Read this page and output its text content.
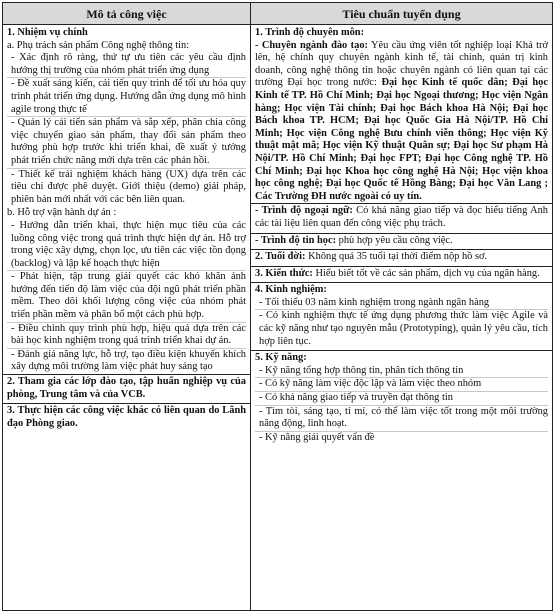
Mô tả công việc	Tiêu chuẩn tuyển dụng

1. Nhiệm vụ chính

a. Phụ trách sản phẩm Công nghệ thông tin:

- Xác định rõ ràng, thứ tự ưu tiên các yêu cầu định hướng thị trường của nhóm phát triển ứng dụng

- Đề xuất sáng kiến, cải tiến quy trình để tối ưu hóa quy trình phát triển ứng dụng. Hướng dẫn ứng dụng mô hình agile trong thực tế

- Quản lý cải tiến sản phẩm và sắp xếp, phân chia công việc chuyển giao sản phẩm, thay đổi sản phẩm theo hướng phù hợp trước khi triển khai, đề xuất ý tưởng phát triển chức năng mới dựa trên các phản hồi.

- Thiết kế trải nghiệm khách hàng (UX) dựa trên các tiêu chí được phê duyệt. Giới thiệu (demo) giải pháp, phiên bản mới nhất với các bên liên quan.

b. Hỗ trợ vận hành dự án :

- Hướng dẫn triển khai, thực hiện mục tiêu của các luồng công việc trong quá trình thực hiện dự án. Hỗ trợ trong việc xây dựng, chọn lọc, ưu tiên các việc tồn đọng (backlog) và lập kế hoạch thực hiện

- Phát hiện, tập trung giải quyết các khó khăn ảnh hưởng đến tiến độ làm việc của đội ngũ phát triển phần mềm. Theo dõi khối lượng công việc của nhóm phát triển phần mềm và phân bổ một cách phù hợp.

- Điều chỉnh quy trình phù hợp, hiệu quả dựa trên các bài học kinh nghiệm trong quá trình triển khai dự án.

- Đánh giá năng lực, hỗ trợ, tạo điều kiện khuyến khích xây dựng môi trường làm việc phát huy sáng tạo

2. Tham gia các lớp đào tạo, tập huấn nghiệp vụ của phòng, Trung tâm và của VCB.

3. Thực hiện các công việc khác có liên quan do Lãnh đạo Phòng giao.

1. Trình độ chuyên môn:

- Chuyên ngành đào tạo: Yêu cầu ứng viên tốt nghiệp loại Khá trở lên, hệ chính quy chuyên ngành kinh tế, tài chính, quản trị kinh doanh, công nghệ thông tin hoặc chuyên ngành có liên quan tại các trường Đại học trong nước: Đại học Kinh tế quốc dân; Đại học Kinh tế TP. Hồ Chí Minh; Đại học Ngoại thương; Học viện Ngân hàng; Học viện Tài chính; Đại học Bách khoa Hà Nội; Đại học Bách khoa TP. HCM; Đại học Quốc Gia Hà Nội/TP. Hồ Chí Minh; Học viện Công nghệ Bưu chính viễn thông; Học viện Kỹ thuật mật mã; Học viện Kỹ thuật Quân sự; Đại học Sư phạm Hà Nội/TP. Hồ Chí Minh; Đại học FPT; Đại học Công nghệ TP. Hồ Chí Minh; Đại học Khoa học công nghệ Hà Nội; Học viện khoa học công nghệ; Đại học Quốc tế Hồng Bàng; Đại học Văn Lang ; Các Trường ĐH nước ngoài có uy tín.

- Trình độ ngoại ngữ: Có khả năng giao tiếp và đọc hiểu tiếng Anh các tài liệu liên quan đến công việc phụ trách.

- Trình độ tin học: phù hợp yêu cầu công việc.

2. Tuổi đời: Không quá 35 tuổi tại thời điểm nộp hồ sơ.

3. Kiến thức: Hiểu biết tốt về các sản phẩm, dịch vụ của ngân hàng.

4. Kinh nghiệm:

- Tối thiểu 03 năm kinh nghiệm trong ngành ngân hàng

- Có kinh nghiệm thực tế ứng dụng phương thức làm việc Agile và các kỹ năng như tạo nguyên mẫu (Prototyping), quản lý yêu cầu, tích hợp liên tục.

5. Kỹ năng:

- Kỹ năng tổng hợp thông tin, phân tích thông tin

- Có kỹ năng làm việc độc lập và làm việc theo nhóm

- Có khả năng giao tiếp và truyền đạt thông tin

- Tìm tòi, sáng tạo, tỉ mỉ, có thể làm việc tốt trong một môi trường năng động, linh hoạt.

- Kỹ năng giải quyết vấn đề
